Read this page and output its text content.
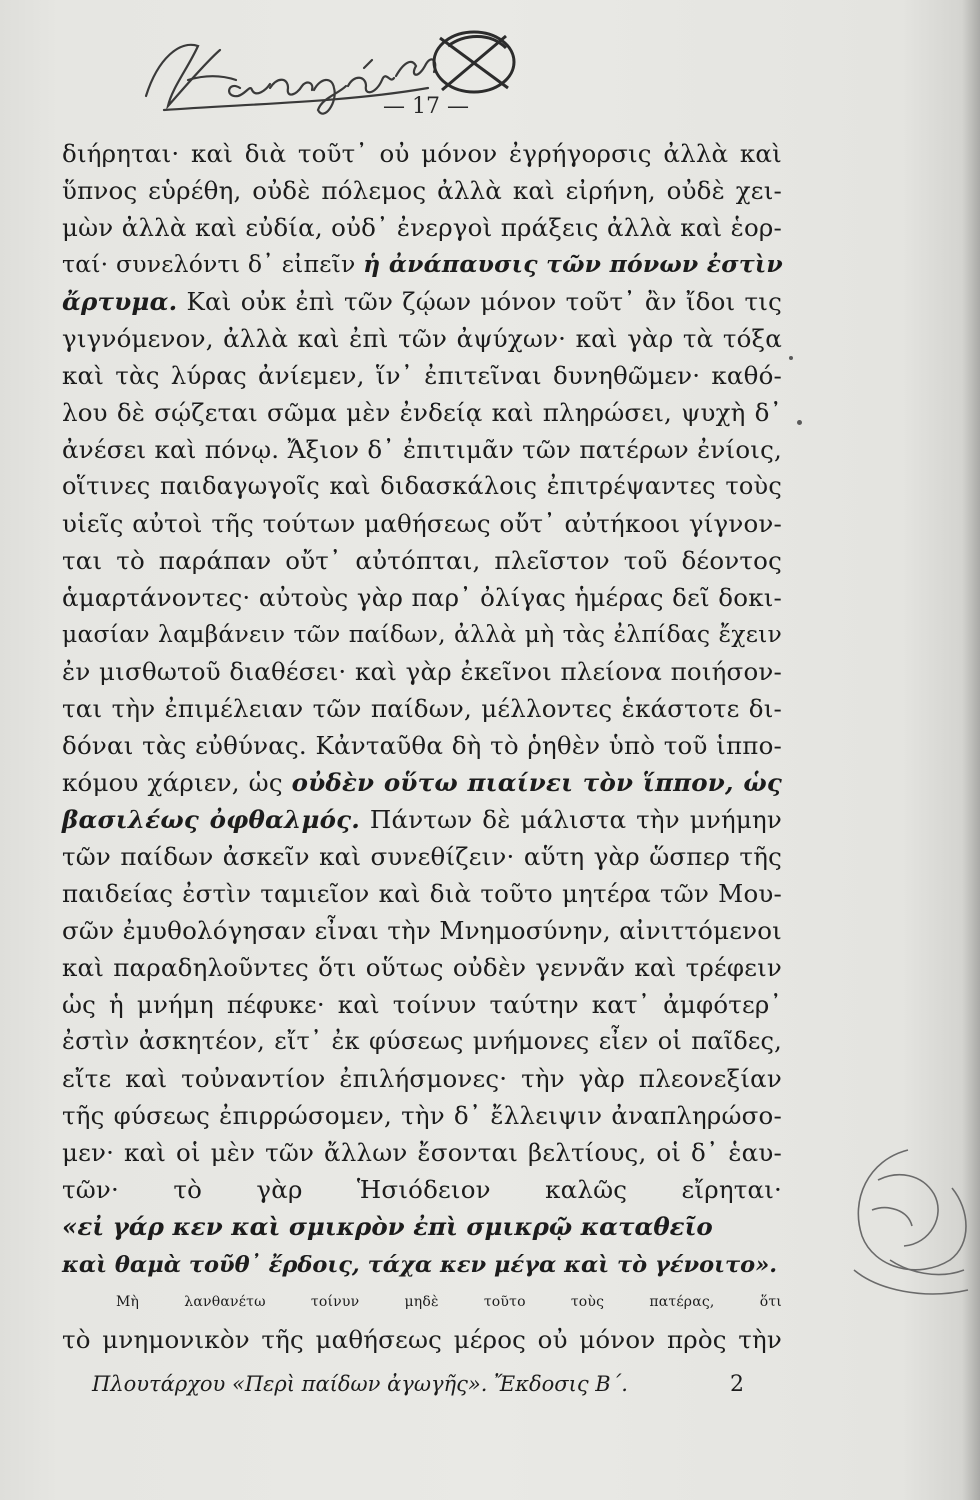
— 17 —
διήρηται· καὶ διὰ τοῦτ᾽ οὐ μόνον ἐγρήγορσις ἀλλὰ καὶ
ὕπνος εὑρέθη, οὐδὲ πόλεμος ἀλλὰ καὶ εἰρήνη, οὐδὲ χει-
μὼν ἀλλὰ καὶ εὐδία, οὐδ᾽ ἐνεργοὶ πράξεις ἀλλὰ καὶ ἑορ-
ταί· συνελόντι δ᾽ εἰπεῖν ἡ ἀνάπαυσις τῶν πόνων ἐστὶν
ἄρτυμα. Καὶ οὐκ ἐπὶ τῶν ζῴων μόνον τοῦτ᾽ ἂν ἴδοι τις
γιγνόμενον, ἀλλὰ καὶ ἐπὶ τῶν ἀψύχων· καὶ γὰρ τὰ τόξα
καὶ τὰς λύρας ἀνίεμεν, ἵν᾽ ἐπιτεῖναι δυνηθῶμεν· καθό-
λου δὲ σῴζεται σῶμα μὲν ἐνδείᾳ καὶ πληρώσει, ψυχὴ δ᾽
ἀνέσει καὶ πόνῳ. Ἄξιον δ᾽ ἐπιτιμᾶν τῶν πατέρων ἐνίοις,
οἵτινες παιδαγωγοῖς καὶ διδασκάλοις ἐπιτρέψαντες τοὺς
υἱεῖς αὐτοὶ τῆς τούτων μαθήσεως οὔτ᾽ αὐτήκοοι γίγνον-
ται τὸ παράπαν οὔτ᾽ αὐτόπται, πλεῖστον τοῦ δέοντος
ἁμαρτάνοντες· αὐτοὺς γὰρ παρ᾽ ὀλίγας ἡμέρας δεῖ δοκι-
μασίαν λαμβάνειν τῶν παίδων, ἀλλὰ μὴ τὰς ἐλπίδας ἔχειν
ἐν μισθωτοῦ διαθέσει· καὶ γὰρ ἐκεῖνοι πλείονα ποιήσον-
ται τὴν ἐπιμέλειαν τῶν παίδων, μέλλοντες ἑκάστοτε δι-
δόναι τὰς εὐθύνας. Κἀνταῦθα δὴ τὸ ῥηθὲν ὑπὸ τοῦ ἱππο-
κόμου χάριεν, ὡς οὐδὲν οὕτω πιαίνει τὸν ἵππον, ὡς
βασιλέως ὀφθαλμός. Πάντων δὲ μάλιστα τὴν μνήμην
τῶν παίδων ἀσκεῖν καὶ συνεθίζειν· αὕτη γὰρ ὥσπερ τῆς
παιδείας ἐστὶν ταμιεῖον καὶ διὰ τοῦτο μητέρα τῶν Μου-
σῶν ἐμυθολόγησαν εἶναι τὴν Μνημοσύνην, αἰνιττόμενοι
καὶ παραδηλοῦντες ὅτι οὕτως οὐδὲν γεννᾶν καὶ τρέφειν
ὡς ἡ μνήμη πέφυκε· καὶ τοίνυν ταύτην κατ᾽ ἀμφότερ᾽
ἐστὶν ἀσκητέον, εἴτ᾽ ἐκ φύσεως μνήμονες εἶεν οἱ παῖδες,
εἴτε καὶ τοὐναντίον ἐπιλήσμονες· τὴν γὰρ πλεονεξίαν
τῆς φύσεως ἐπιρρώσομεν, τὴν δ᾽ ἔλλειψιν ἀναπληρώσο-
μεν· καὶ οἱ μὲν τῶν ἄλλων ἔσονται βελτίους, οἱ δ᾽ ἑαυ-
τῶν· τὸ γὰρ Ἡσιόδειον καλῶς εἴρηται·
«εἰ γάρ κεν καὶ σμικρὸν ἐπὶ σμικρῷ καταθεῖο
καὶ θαμὰ τοῦθ᾽ ἔρδοις, τάχα κεν μέγα καὶ τὸ γένοιτο».
Μὴ λανθανέτω τοίνυν μηδὲ τοῦτο τοὺς πατέρας, ὅτι
τὸ μνημονικὸν τῆς μαθήσεως μέρος οὐ μόνον πρὸς τὴν
Πλουτάρχου «Περὶ παίδων ἀγωγῆς». Ἔκδοσις Β΄.	2
